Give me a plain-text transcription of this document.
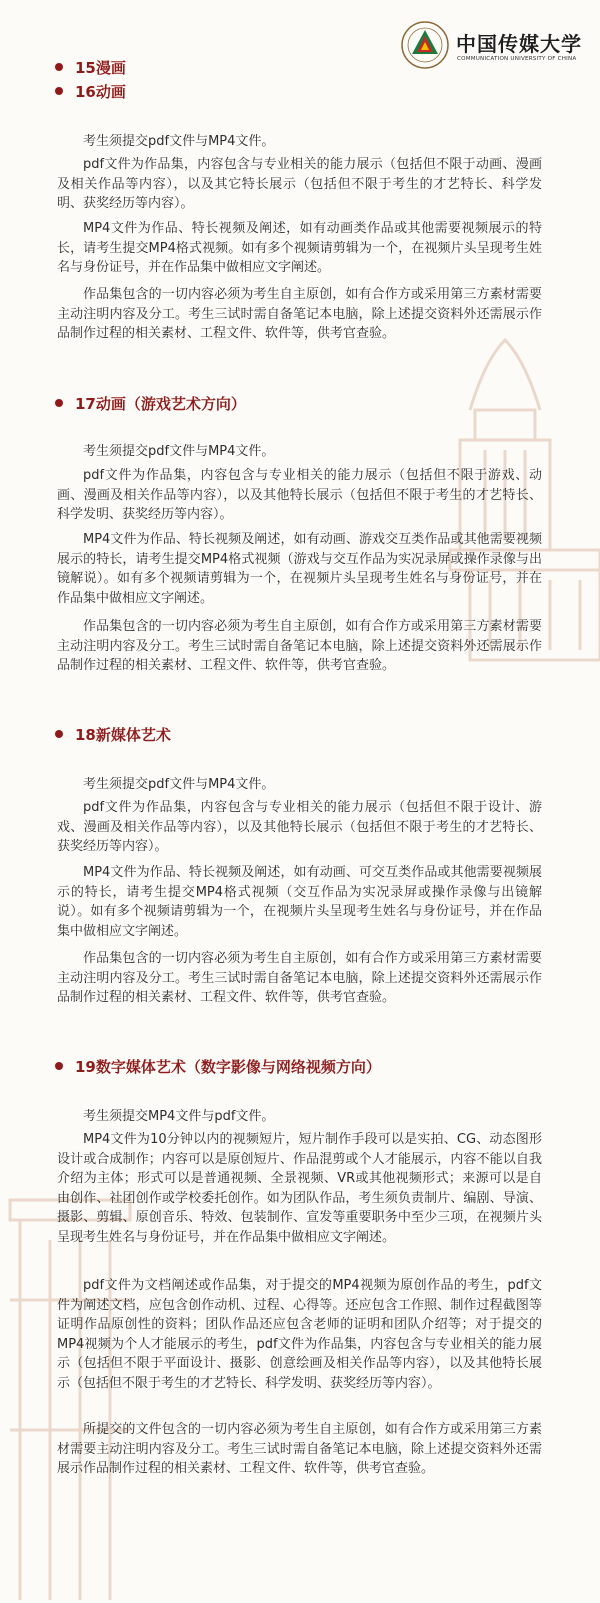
中国传媒大学
COMMUNICATION UNIVERSITY OF CHINA
15漫画
16动画

考生须提交pdf文件与MP4文件。

pdf文件为作品集，内容包含与专业相关的能力展示（包括但不限于动画、漫画及相关作品等内容），以及其它特长展示（包括但不限于考生的才艺特长、科学发明、获奖经历等内容）。

MP4文件为作品、特长视频及阐述，如有动画类作品或其他需要视频展示的特长，请考生提交MP4格式视频。如有多个视频请剪辑为一个，在视频片头呈现考生姓名与身份证号，并在作品集中做相应文字阐述。

作品集包含的一切内容必须为考生自主原创，如有合作方或采用第三方素材需要主动注明内容及分工。考生三试时需自备笔记本电脑，除上述提交资料外还需展示作品制作过程的相关素材、工程文件、软件等，供考官查验。

17动画（游戏艺术方向）

考生须提交pdf文件与MP4文件。

pdf文件为作品集，内容包含与专业相关的能力展示（包括但不限于游戏、动画、漫画及相关作品等内容），以及其他特长展示（包括但不限于考生的才艺特长、科学发明、获奖经历等内容）。

MP4文件为作品、特长视频及阐述，如有动画、游戏交互类作品或其他需要视频展示的特长，请考生提交MP4格式视频（游戏与交互作品为实况录屏或操作录像与出镜解说）。如有多个视频请剪辑为一个，在视频片头呈现考生姓名与身份证号，并在作品集中做相应文字阐述。

作品集包含的一切内容必须为考生自主原创，如有合作方或采用第三方素材需要主动注明内容及分工。考生三试时需自备笔记本电脑，除上述提交资料外还需展示作品制作过程的相关素材、工程文件、软件等，供考官查验。

18新媒体艺术

考生须提交pdf文件与MP4文件。

pdf文件为作品集，内容包含与专业相关的能力展示（包括但不限于设计、游戏、漫画及相关作品等内容），以及其他特长展示（包括但不限于考生的才艺特长、获奖经历等内容）。

MP4文件为作品、特长视频及阐述，如有动画、可交互类作品或其他需要视频展示的特长，请考生提交MP4格式视频（交互作品为实况录屏或操作录像与出镜解说）。如有多个视频请剪辑为一个，在视频片头呈现考生姓名与身份证号，并在作品集中做相应文字阐述。

作品集包含的一切内容必须为考生自主原创，如有合作方或采用第三方素材需要主动注明内容及分工。考生三试时需自备笔记本电脑，除上述提交资料外还需展示作品制作过程的相关素材、工程文件、软件等，供考官查验。

19数字媒体艺术（数字影像与网络视频方向）

考生须提交MP4文件与pdf文件。

MP4文件为10分钟以内的视频短片，短片制作手段可以是实拍、CG、动态图形设计或合成制作；内容可以是原创短片、作品混剪或个人才能展示，内容不能以自我介绍为主体；形式可以是普通视频、全景视频、VR或其他视频形式；来源可以是自由创作、社团创作或学校委托创作。如为团队作品，考生须负责制片、编剧、导演、摄影、剪辑、原创音乐、特效、包装制作、宣发等重要职务中至少三项，在视频片头呈现考生姓名与身份证号，并在作品集中做相应文字阐述。

pdf文件为文档阐述或作品集，对于提交的MP4视频为原创作品的考生，pdf文件为阐述文档，应包含创作动机、过程、心得等。还应包含工作照、制作过程截图等证明作品原创性的资料；团队作品还应包含老师的证明和团队介绍等；对于提交的MP4视频为个人才能展示的考生，pdf文件为作品集，内容包含与专业相关的能力展示（包括但不限于平面设计、摄影、创意绘画及相关作品等内容），以及其他特长展示（包括但不限于考生的才艺特长、科学发明、获奖经历等内容）。

所提交的文件包含的一切内容必须为考生自主原创，如有合作方或采用第三方素材需要主动注明内容及分工。考生三试时需自备笔记本电脑，除上述提交资料外还需展示作品制作过程的相关素材、工程文件、软件等，供考官查验。
